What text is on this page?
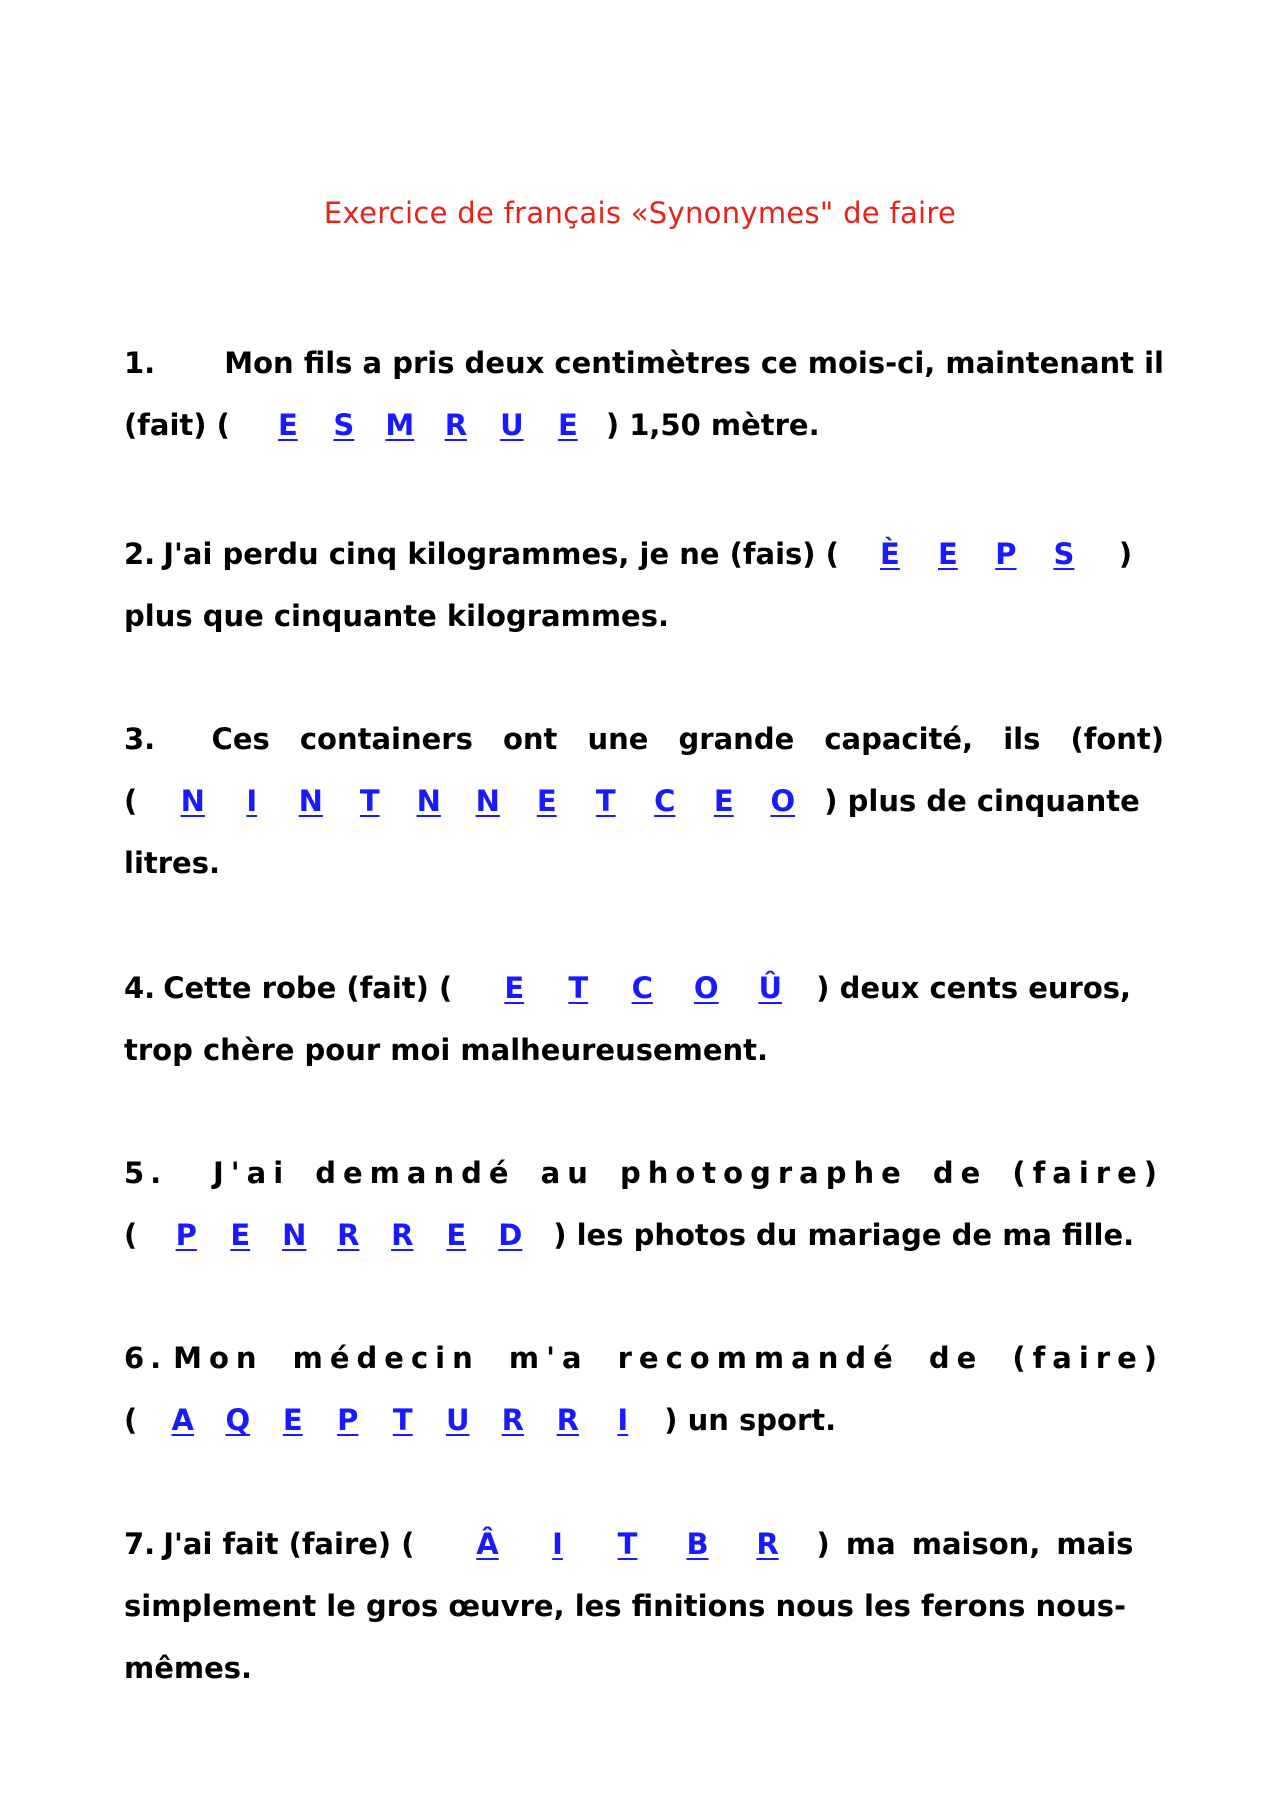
Exercice de français «Synonymes" de faire
1. Mon fils a pris deux centimètres ce mois-ci, maintenant il
(fait) (	E	S	M	R	U	E ) 1,50 mètre.
2. J'ai perdu cinq kilogrammes, je ne (fais) (	È	E	P	S	)
plus que cinquante kilogrammes.
3. Ces containers ont une grande capacité, ils (font)
(	N	I	N	T	N	N	E	T	C	E	O	) plus de cinquante
litres.
4. Cette robe (fait) (	E	T	C	O	Û	) deux cents euros,
trop chère pour moi malheureusement.
5. J'ai demandé au photographe de (faire)
(	P	E	N	R	R	E	D	) les photos du mariage de ma fille.
6. Mon médecin m'a recommandé de (faire)
(	A	Q	E	P	T	U	R	R	I	) un sport.
7. J'ai fait (faire) (	Â	I	T	B	R	) ma maison, mais
simplement le gros œuvre, les finitions nous les ferons nous-
mêmes.
